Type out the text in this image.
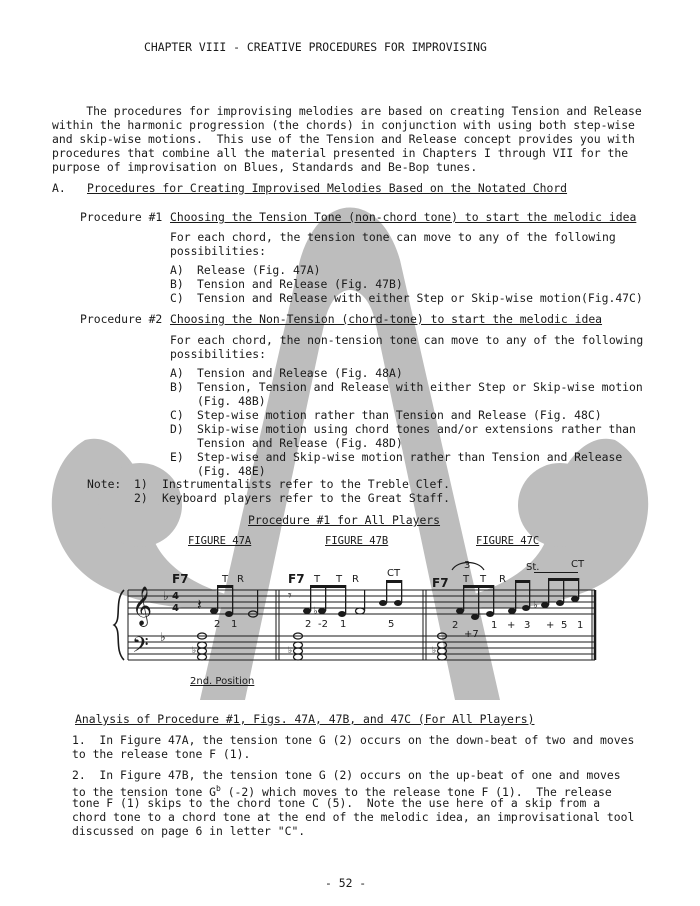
CHAPTER VIII - CREATIVE PROCEDURES FOR IMPROVISING
The procedures for improvising melodies are based on creating Tension and Release
within the harmonic progression (the chords) in conjunction with using both step-wise
and skip-wise motions.  This use of the Tension and Release concept provides you with
procedures that combine all the material presented in Chapters I through VII for the
purpose of improvisation on Blues, Standards and Be-Bop tunes.
A. Procedures for Creating Improvised Melodies Based on the Notated Chord
Procedure #1 Choosing the Tension Tone (non-chord tone) to start the melodic idea
For each chord, the tension tone can move to any of the following
possibilities:
A) Release (Fig. 47A)
B) Tension and Release (Fig. 47B)
C) Tension and Release with either Step or Skip-wise motion(Fig.47C)
Procedure #2 Choosing the Non-Tension (chord-tone) to start the melodic idea
For each chord, the non-tension tone can move to any of the following
possibilities:
A) Tension and Release (Fig. 48A)
B) Tension, Tension and Release with either Step or Skip-wise motion
(Fig. 48B)
C) Step-wise motion rather than Tension and Release (Fig. 48C)
D) Skip-wise motion using chord tones and/or extensions rather than
Tension and Release (Fig. 48D)
E) Step-wise and Skip-wise motion rather than Tension and Release
(Fig. 48E)
Note: 1) Instrumentalists refer to the Treble Clef.
2) Keyboard players refer to the Great Staff.
Procedure #1 for All Players
FIGURE 47A	FIGURE 47B	FIGURE 47C
𝄞
𝄢
♭
♭
4
4 𝄽	𝄾
♭
♭
♭	♭	♭
F7	F7	F7
T R	T T R
CT
T T R
3	St.	CT
2 1	2 -2 1	5	2
+7
1 + 3 + 5 1
2nd. Position
Analysis of Procedure #1, Figs. 47A, 47B, and 47C (For All Players)
1.  In Figure 47A, the tension tone G (2) occurs on the down-beat of two and moves
to the release tone F (1).
2.  In Figure 47B, the tension tone G (2) occurs on the up-beat of one and moves
to the tension tone $G^b$ (-2) which moves to the release tone F (1).  The release
tone F (1) skips to the chord tone C (5).  Note the use here of a skip from a
chord tone to a chord tone at the end of the melodic idea, an improvisational tool
discussed on page 6 in letter "C".
- 52 -
